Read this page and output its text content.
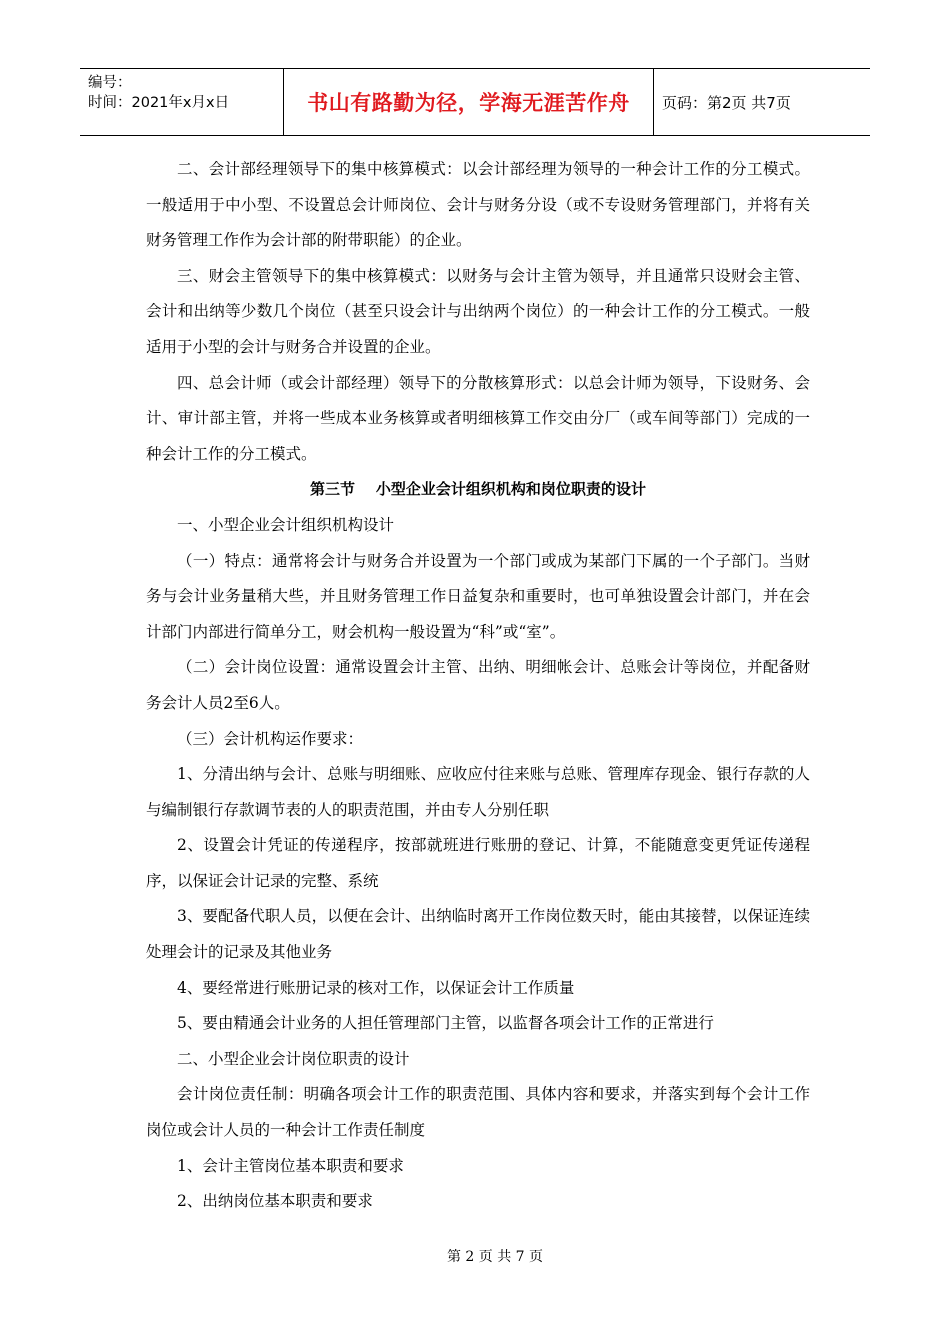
编号：
时间：2021年x月x日	书山有路勤为径，学海无涯苦作舟 页码：第2页 共7页

二、会计部经理领导下的集中核算模式：以会计部经理为领导的一种会计工作的分工模式。一般适用于中小型、不设置总会计师岗位、会计与财务分设（或不专设财务管理部门，并将有关财务管理工作作为会计部的附带职能）的企业。

三、财会主管领导下的集中核算模式：以财务与会计主管为领导，并且通常只设财会主管、会计和出纳等少数几个岗位（甚至只设会计与出纳两个岗位）的一种会计工作的分工模式。一般适用于小型的会计与财务合并设置的企业。

四、总会计师（或会计部经理）领导下的分散核算形式：以总会计师为领导，下设财务、会计、审计部主管，并将一些成本业务核算或者明细核算工作交由分厂（或车间等部门）完成的一种会计工作的分工模式。

第三节    小型企业会计组织机构和岗位职责的设计

一、小型企业会计组织机构设计

（一）特点：通常将会计与财务合并设置为一个部门或成为某部门下属的一个子部门。当财务与会计业务量稍大些，并且财务管理工作日益复杂和重要时，也可单独设置会计部门，并在会计部门内部进行简单分工，财会机构一般设置为“科”或“室”。

（二）会计岗位设置：通常设置会计主管、出纳、明细帐会计、总账会计等岗位，并配备财务会计人员2至6人。

（三）会计机构运作要求：

1、分清出纳与会计、总账与明细账、应收应付往来账与总账、管理库存现金、银行存款的人与编制银行存款调节表的人的职责范围，并由专人分别任职

2、设置会计凭证的传递程序，按部就班进行账册的登记、计算，不能随意变更凭证传递程序，以保证会计记录的完整、系统

3、要配备代职人员，以便在会计、出纳临时离开工作岗位数天时，能由其接替，以保证连续处理会计的记录及其他业务

4、要经常进行账册记录的核对工作，以保证会计工作质量

5、要由精通会计业务的人担任管理部门主管，以监督各项会计工作的正常进行

二、小型企业会计岗位职责的设计

会计岗位责任制：明确各项会计工作的职责范围、具体内容和要求，并落实到每个会计工作岗位或会计人员的一种会计工作责任制度

1、会计主管岗位基本职责和要求

2、出纳岗位基本职责和要求

第 2 页 共 7 页
